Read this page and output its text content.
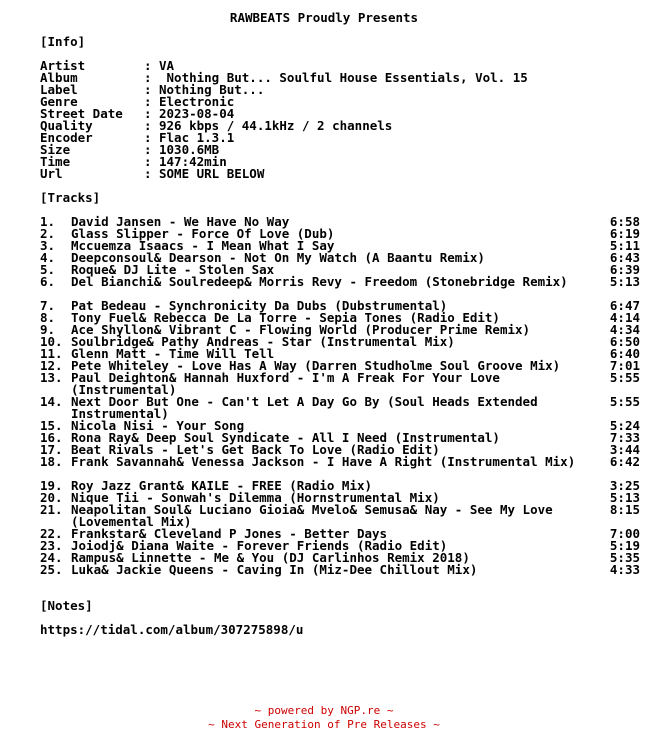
RAWBEATS Proudly Presents
[Info]
Artist	: VA
Album	: Nothing But... Soulful House Essentials, Vol. 15
Label	: Nothing But...
Genre	: Electronic
Street Date : 2023-08-04
Quality	: 926 kbps / 44.1kHz / 2 channels
Encoder	: Flac 1.3.1
Size	: 1030.6MB
Time	: 147:42min
Url	: SOME URL BELOW
[Tracks]
1. David Jansen - We Have No Way	6:58
2. Glass Slipper - Force Of Love (Dub)	6:19
3. Mccuemza Isaacs - I Mean What I Say	5:11
4. Deepconsoul& Dearson - Not On My Watch (A Baantu Remix)	6:43
5. Roque& DJ Lite - Stolen Sax	6:39
6. Del Bianchi& Soulredeep& Morris Revy - Freedom (Stonebridge Remix)	5:13
7. Pat Bedeau - Synchronicity Da Dubs (Dubstrumental)	6:47
8. Tony Fuel& Rebecca De La Torre - Sepia Tones (Radio Edit)	4:14
9. Ace Shyllon& Vibrant C - Flowing World (Producer Prime Remix)	4:34
10. Soulbridge& Pathy Andreas - Star (Instrumental Mix)	6:50
11. Glenn Matt - Time Will Tell	6:40
12. Pete Whiteley - Love Has A Way (Darren Studholme Soul Groove Mix)	7:01
13. Paul Deighton& Hannah Huxford - I'm A Freak For Your Love (Instrumental)
5:55
14. Next Door But One - Can't Let A Day Go By (Soul Heads Extended Instrumental)
5:55
15. Nicola Nisi - Your Song	5:24
16. Rona Ray& Deep Soul Syndicate - All I Need (Instrumental)	7:33
17. Beat Rivals - Let's Get Back To Love (Radio Edit)	3:44
18. Frank Savannah& Venessa Jackson - I Have A Right (Instrumental Mix)	6:42
19. Roy Jazz Grant& KAILE - FREE (Radio Mix)	3:25
20. Nique Tii - Sonwah's Dilemma (Hornstrumental Mix)	5:13
21. Neapolitan Soul& Luciano Gioia& Mvelo& Semusa& Nay - See My Love (Lovemental Mix)
8:15
22. Frankstar& Cleveland P Jones - Better Days	7:00
23. Joiodj& Diana Waite - Forever Friends (Radio Edit)	5:19
24. Rampus& Linnette - Me & You (DJ Carlinhos Remix 2018)	5:35
25. Luka& Jackie Queens - Caving In (Miz-Dee Chillout Mix)	4:33
[Notes]
https://tidal.com/album/307275898/u
~ powered by NGP.re ~
~ Next Generation of Pre Releases ~
